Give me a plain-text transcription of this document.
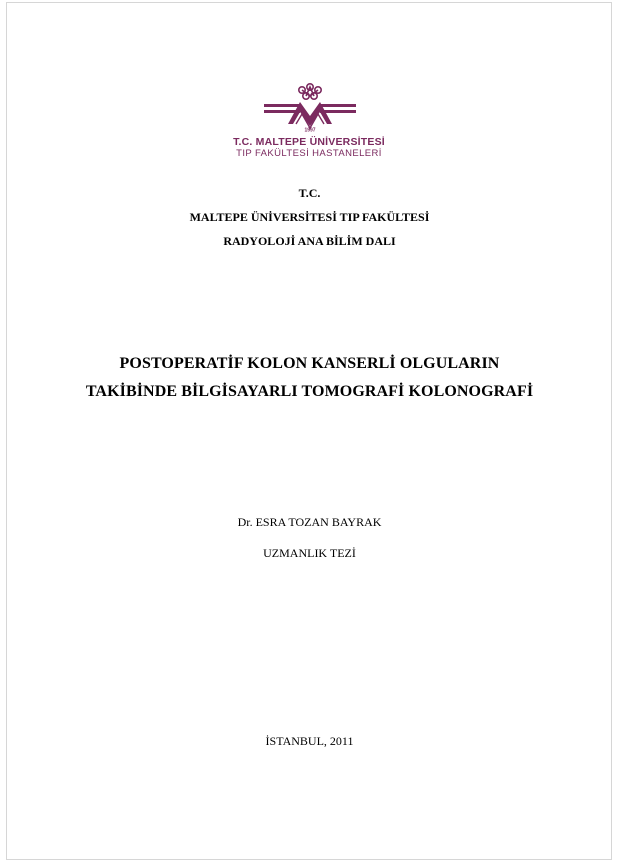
1997
T.C. MALTEPE ÜNİVERSİTESİ
TIP FAKÜLTESİ HASTANELERİ
T.C.
MALTEPE ÜNİVERSİTESİ TIP FAKÜLTESİ
RADYOLOJİ ANA BİLİM DALI
POSTOPERATİF KOLON KANSERLİ OLGULARIN
TAKİBİNDE BİLGİSAYARLI TOMOGRAFİ KOLONOGRAFİ
Dr. ESRA TOZAN BAYRAK
UZMANLIK TEZİ
İSTANBUL, 2011
